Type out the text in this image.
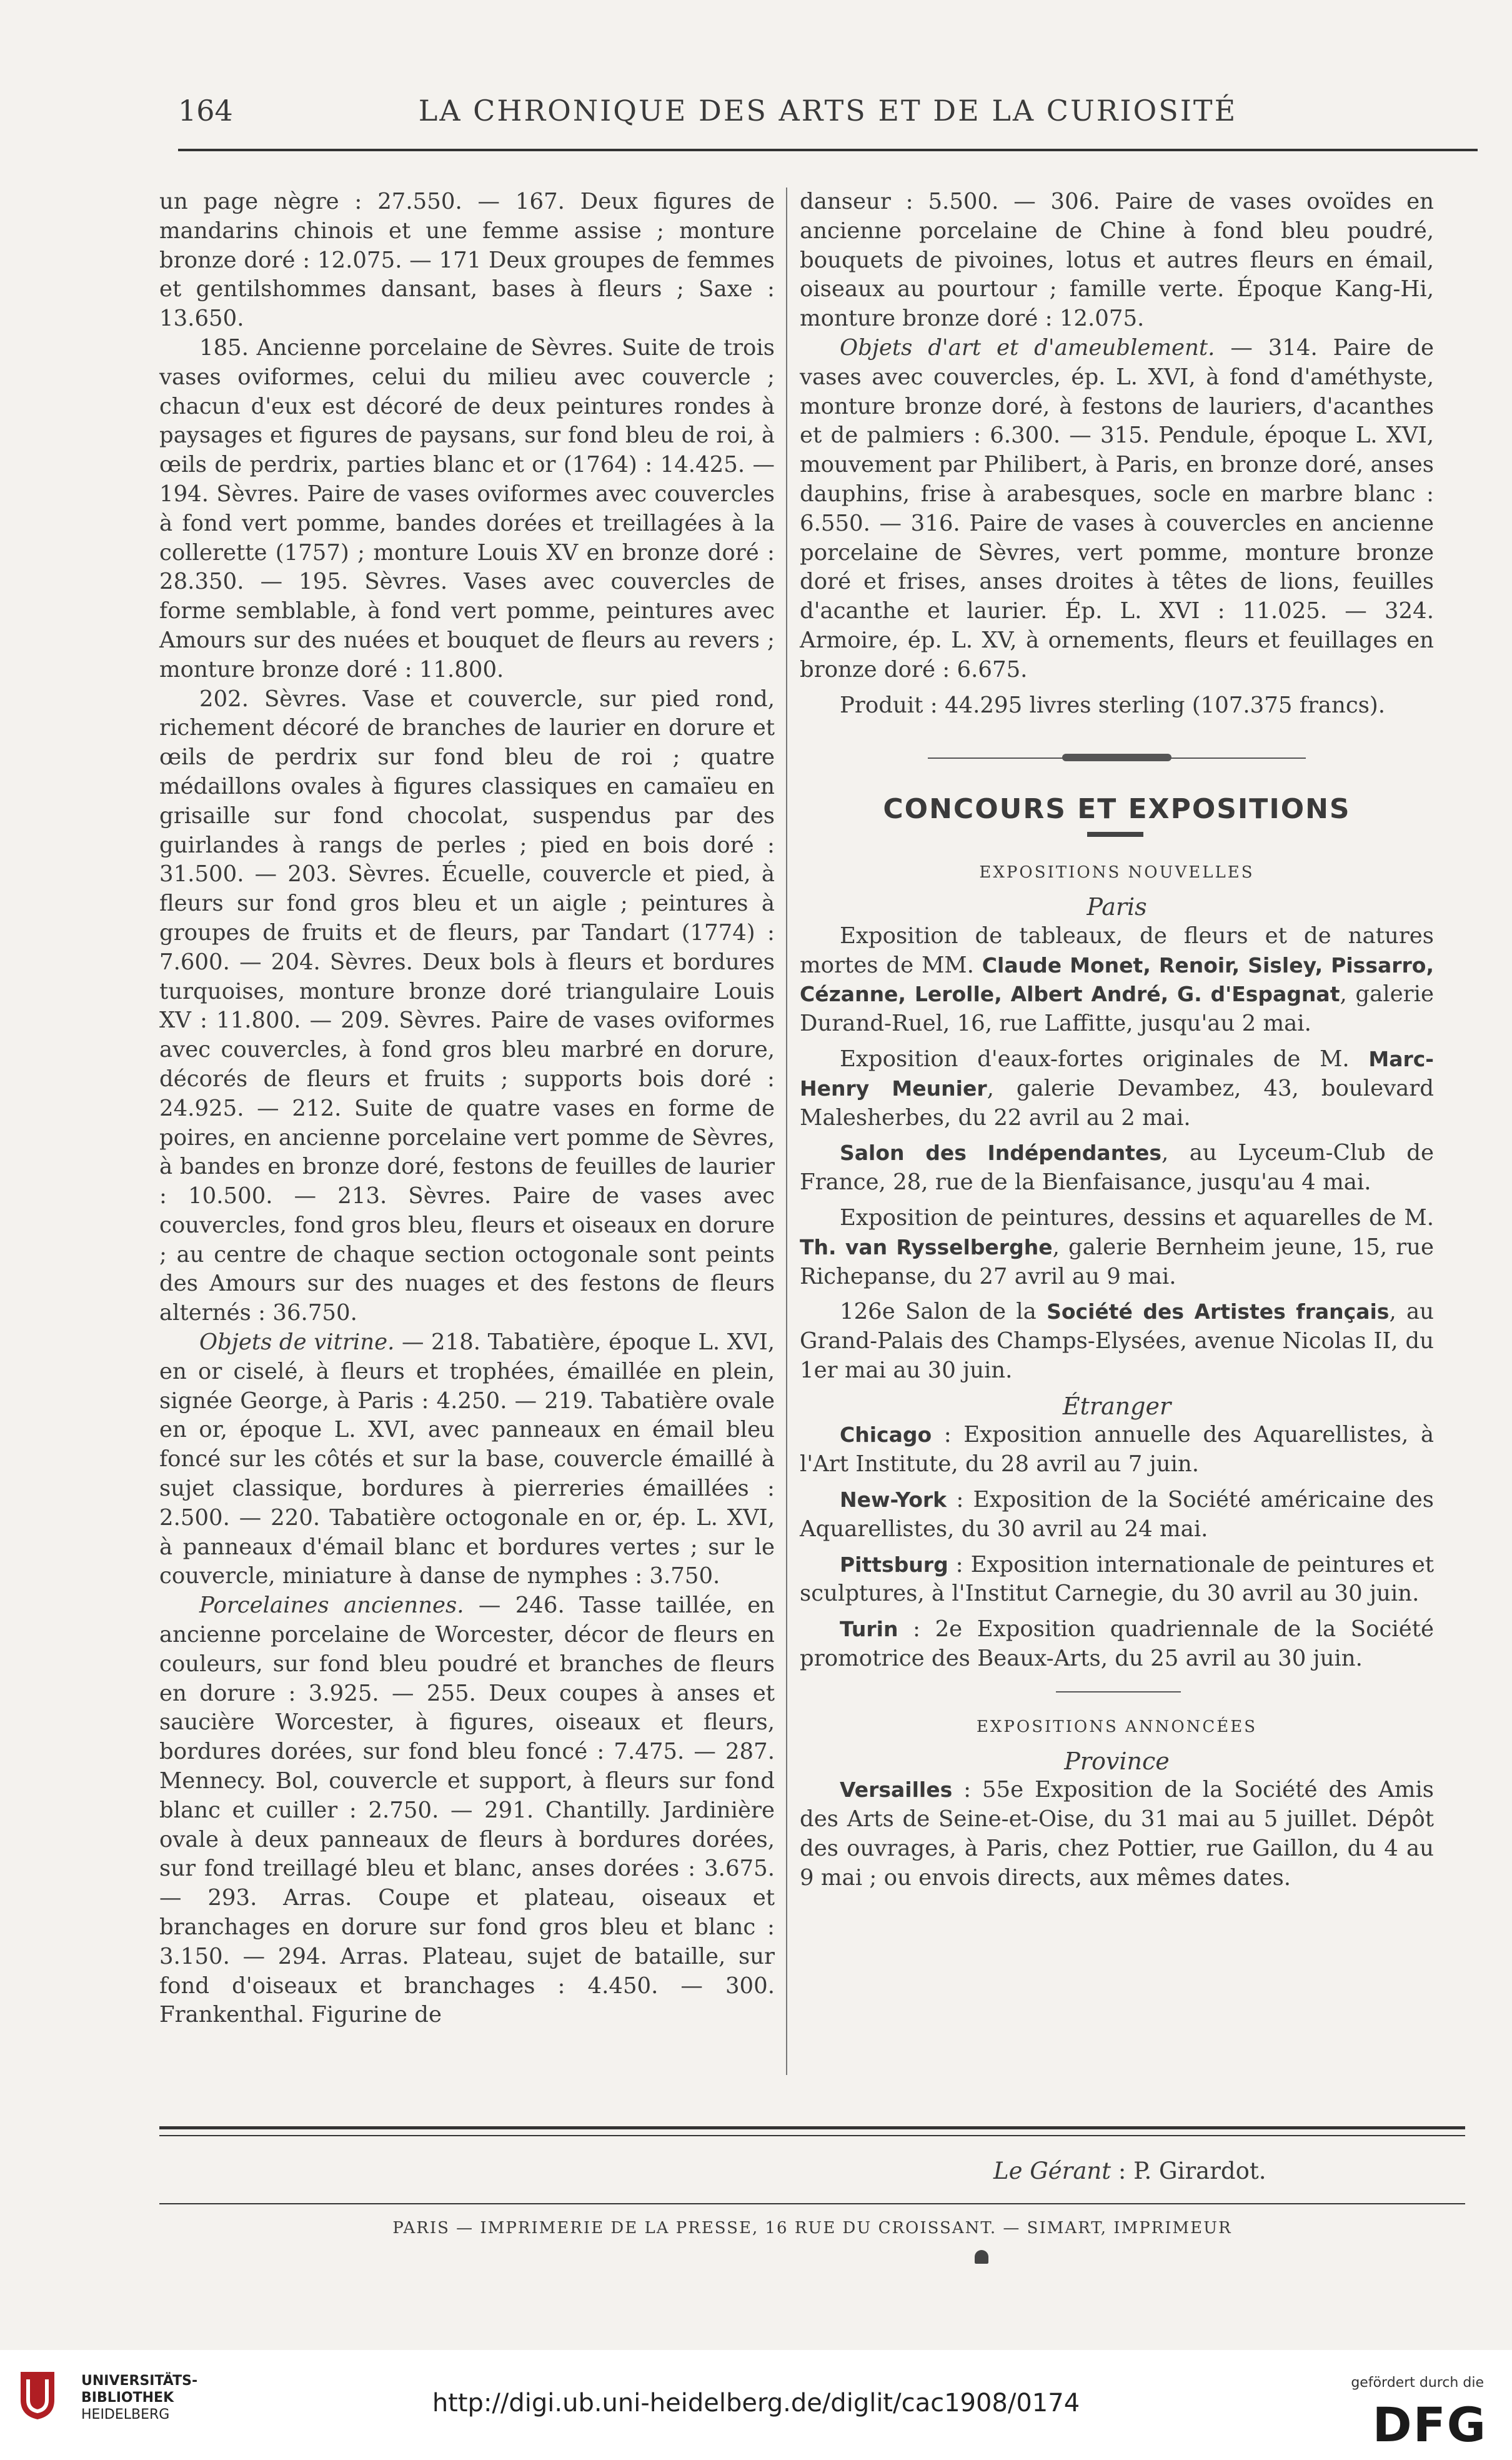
164	LA CHRONIQUE DES ARTS ET DE LA CURIOSITÉ

un page nègre : 27.550. — 167. Deux figures de mandarins chinois et une femme assise ; monture bronze doré : 12.075. — 171 Deux groupes de femmes et gentilshommes dansant, bases à fleurs ; Saxe : 13.650.

185. Ancienne porcelaine de Sèvres. Suite de trois vases oviformes, celui du milieu avec couvercle ; chacun d'eux est décoré de deux peintures rondes à paysages et figures de paysans, sur fond bleu de roi, à œils de perdrix, parties blanc et or (1764) : 14.425. — 194. Sèvres. Paire de vases oviformes avec couvercles à fond vert pomme, bandes dorées et treillagées à la collerette (1757) ; monture Louis XV en bronze doré : 28.350. — 195. Sèvres. Vases avec couvercles de forme semblable, à fond vert pomme, peintures avec Amours sur des nuées et bouquet de fleurs au revers ; monture bronze doré : 11.800.

202. Sèvres. Vase et couvercle, sur pied rond, richement décoré de branches de laurier en dorure et œils de perdrix sur fond bleu de roi ; quatre médaillons ovales à figures classiques en camaïeu en grisaille sur fond chocolat, suspendus par des guirlandes à rangs de perles ; pied en bois doré : 31.500. — 203. Sèvres. Écuelle, couvercle et pied, à fleurs sur fond gros bleu et un aigle ; peintures à groupes de fruits et de fleurs, par Tandart (1774) : 7.600. — 204. Sèvres. Deux bols à fleurs et bordures turquoises, monture bronze doré triangulaire Louis XV : 11.800. — 209. Sèvres. Paire de vases oviformes avec couvercles, à fond gros bleu marbré en dorure, décorés de fleurs et fruits ; supports bois doré : 24.925. — 212. Suite de quatre vases en forme de poires, en ancienne porcelaine vert pomme de Sèvres, à bandes en bronze doré, festons de feuilles de laurier : 10.500. — 213. Sèvres. Paire de vases avec couvercles, fond gros bleu, fleurs et oiseaux en dorure ; au centre de chaque section octogonale sont peints des Amours sur des nuages et des festons de fleurs alternés : 36.750.

Objets de vitrine. — 218. Tabatière, époque L. XVI, en or ciselé, à fleurs et trophées, émaillée en plein, signée George, à Paris : 4.250. — 219. Tabatière ovale en or, époque L. XVI, avec panneaux en émail bleu foncé sur les côtés et sur la base, couvercle émaillé à sujet classique, bordures à pierreries émaillées : 2.500. — 220. Tabatière octogonale en or, ép. L. XVI, à panneaux d'émail blanc et bordures vertes ; sur le couvercle, miniature à danse de nymphes : 3.750.

Porcelaines anciennes. — 246. Tasse taillée, en ancienne porcelaine de Worcester, décor de fleurs en couleurs, sur fond bleu poudré et branches de fleurs en dorure : 3.925. — 255. Deux coupes à anses et saucière Worcester, à figures, oiseaux et fleurs, bordures dorées, sur fond bleu foncé : 7.475. — 287. Mennecy. Bol, couvercle et support, à fleurs sur fond blanc et cuiller : 2.750. — 291. Chantilly. Jardinière ovale à deux panneaux de fleurs à bordures dorées, sur fond treillagé bleu et blanc, anses dorées : 3.675. — 293. Arras. Coupe et plateau, oiseaux et branchages en dorure sur fond gros bleu et blanc : 3.150. — 294. Arras. Plateau, sujet de bataille, sur fond d'oiseaux et branchages : 4.450. — 300. Frankenthal. Figurine de

danseur : 5.500. — 306. Paire de vases ovoïdes en ancienne porcelaine de Chine à fond bleu poudré, bouquets de pivoines, lotus et autres fleurs en émail, oiseaux au pourtour ; famille verte. Époque Kang-Hi, monture bronze doré : 12.075.

Objets d'art et d'ameublement. — 314. Paire de vases avec couvercles, ép. L. XVI, à fond d'améthyste, monture bronze doré, à festons de lauriers, d'acanthes et de palmiers : 6.300. — 315. Pendule, époque L. XVI, mouvement par Philibert, à Paris, en bronze doré, anses dauphins, frise à arabesques, socle en marbre blanc : 6.550. — 316. Paire de vases à couvercles en ancienne porcelaine de Sèvres, vert pomme, monture bronze doré et frises, anses droites à têtes de lions, feuilles d'acanthe et laurier. Ép. L. XVI : 11.025. — 324. Armoire, ép. L. XV, à ornements, fleurs et feuillages en bronze doré : 6.675.

Produit : 44.295 livres sterling (107.375 francs).

CONCOURS ET EXPOSITIONS

EXPOSITIONS NOUVELLES

Paris

Exposition de tableaux, de fleurs et de natures mortes de MM. Claude Monet, Renoir, Sisley, Pissarro, Cézanne, Lerolle, Albert André, G. d'Espagnat, galerie Durand-Ruel, 16, rue Laffitte, jusqu'au 2 mai.

Exposition d'eaux-fortes originales de M. Marc-Henry Meunier, galerie Devambez, 43, boulevard Malesherbes, du 22 avril au 2 mai.

Salon des Indépendantes, au Lyceum-Club de France, 28, rue de la Bienfaisance, jusqu'au 4 mai.

Exposition de peintures, dessins et aquarelles de M. Th. van Rysselberghe, galerie Bernheim jeune, 15, rue Richepanse, du 27 avril au 9 mai.

126e Salon de la Société des Artistes français, au Grand-Palais des Champs-Elysées, avenue Nicolas II, du 1er mai au 30 juin.

Étranger

Chicago : Exposition annuelle des Aquarellistes, à l'Art Institute, du 28 avril au 7 juin.

New-York : Exposition de la Société américaine des Aquarellistes, du 30 avril au 24 mai.

Pittsburg : Exposition internationale de peintures et sculptures, à l'Institut Carnegie, du 30 avril au 30 juin.

Turin : 2e Exposition quadriennale de la Société promotrice des Beaux-Arts, du 25 avril au 30 juin.

EXPOSITIONS ANNONCÉES

Province

Versailles : 55e Exposition de la Société des Amis des Arts de Seine-et-Oise, du 31 mai au 5 juillet. Dépôt des ouvrages, à Paris, chez Pottier, rue Gaillon, du 4 au 9 mai ; ou envois directs, aux mêmes dates.

Le Gérant : P. Girardot.
PARIS — IMPRIMERIE DE LA PRESSE, 16 RUE DU CROISSANT. — SIMART, IMPRIMEUR
UNIVERSITÄTS-
BIBLIOTHEK
HEIDELBERG	http://digi.ub.uni-heidelberg.de/diglit/cac1908/0174
gefördert durch die
DFG
